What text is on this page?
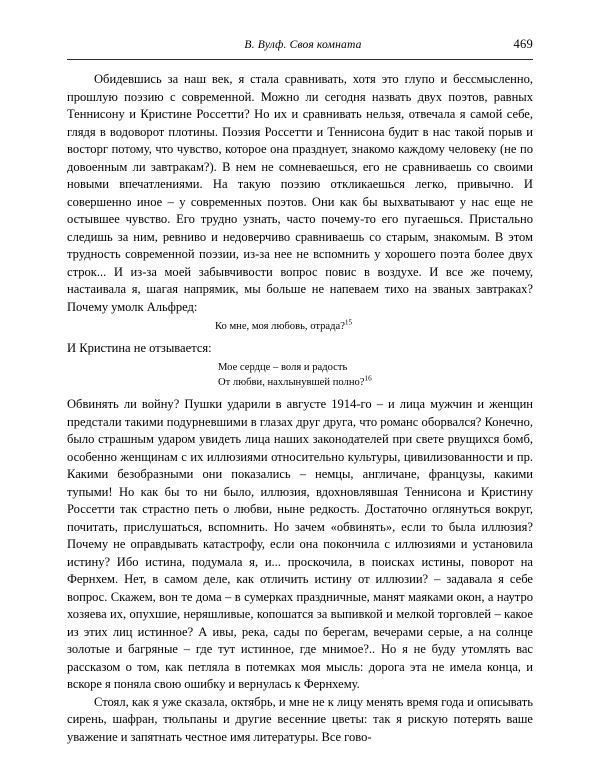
В. Вулф. Своя комната	469

Обидевшись за наш век, я стала сравнивать, хотя это глупо и бессмысленно, прошлую поэзию с современной. Можно ли сегодня назвать двух поэтов, равных Теннисону и Кристине Россетти? Но их и сравнивать нельзя, отвечала я самой себе, глядя в водоворот плотины. Поэзия Россетти и Теннисона будит в нас такой порыв и восторг потому, что чувство, которое она празднует, знакомо каждому человеку (не по довоенным ли завтракам?). В нем не сомневаешься, его не сравниваешь со своими новыми впечатлениями. На такую поэзию откликаешься легко, привычно. И совершенно иное – у современных поэтов. Они как бы выхватывают у нас еще не остывшее чувство. Его трудно узнать, часто почему-то его пугаешься. Пристально следишь за ним, ревниво и недоверчиво сравниваешь со старым, знакомым. В этом трудность современной поэзии, из-за нее не вспомнить у хорошего поэта более двух строк... И из-за моей забывчивости вопрос повис в воздухе. И все же почему, настаивала я, шагая напрямик, мы больше не напеваем тихо на званых завтраках? Почему умолк Альфред:

Ко мне, моя любовь, отрада?$^{15}$

И Кристина не отзывается:

Мое сердце – воля и радость
От любви, нахлынувшей полно?$^{16}$

Обвинять ли войну? Пушки ударили в августе 1914-го – и лица мужчин и женщин предстали такими подурневшими в глазах друг друга, что романс оборвался? Конечно, было страшным ударом увидеть лица наших законодателей при свете рвущихся бомб, особенно женщинам с их иллюзиями относительно культуры, цивилизованности и пр. Какими безобразными они показались – немцы, англичане, французы, какими тупыми! Но как бы то ни было, иллюзия, вдохновлявшая Теннисона и Кристину Россетти так страстно петь о любви, ныне редкость. Достаточно оглянуться вокруг, почитать, прислушаться, вспомнить. Но зачем «обвинять», если то была иллюзия? Почему не оправдывать катастрофу, если она покончила с иллюзиями и установила истину? Ибо истина, подумала я, и... проскочила, в поисках истины, поворот на Фернхем. Нет, в самом деле, как отличить истину от иллюзии? – задавала я себе вопрос. Скажем, вон те дома – в сумерках праздничные, манят маяками окон, а наутро хозяева их, опухшие, неряшливые, копошатся за выпивкой и мелкой торговлей – какое из этих лиц истинное? А ивы, река, сады по берегам, вечерами серые, а на солнце золотые и багряные – где тут истинное, где мнимое?.. Но я не буду утомлять вас рассказом о том, как петляла в потемках моя мысль: дорога эта не имела конца, и вскоре я поняла свою ошибку и вернулась к Фернхему.

Стоял, как я уже сказала, октябрь, и мне не к лицу менять время года и описывать сирень, шафран, тюльпаны и другие весенние цветы: так я рискую потерять ваше уважение и запятнать честное имя литературы. Все гово-
